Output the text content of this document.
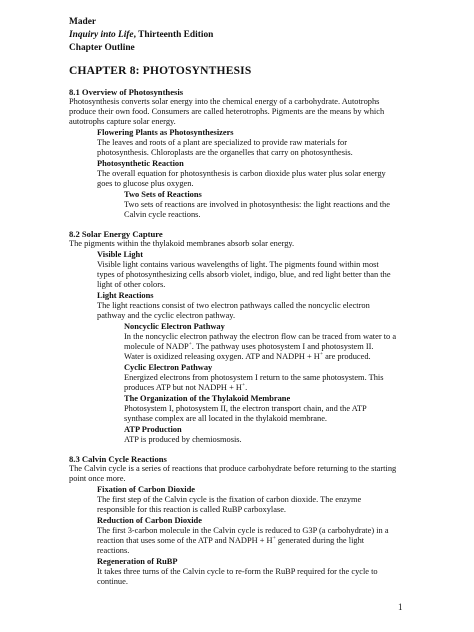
Mader
Inquiry into Life, Thirteenth Edition
Chapter Outline
CHAPTER 8: PHOTOSYNTHESIS
8.1 Overview of Photosynthesis
Photosynthesis converts solar energy into the chemical energy of a carbohydrate. Autotrophs
produce their own food. Consumers are called heterotrophs. Pigments are the means by which
autotrophs capture solar energy.
Flowering Plants as Photosynthesizers
The leaves and roots of a plant are specialized to provide raw materials for
photosynthesis. Chloroplasts are the organelles that carry on photosynthesis.
Photosynthetic Reaction
The overall equation for photosynthesis is carbon dioxide plus water plus solar energy
goes to glucose plus oxygen.
Two Sets of Reactions
Two sets of reactions are involved in photosynthesis: the light reactions and the
Calvin cycle reactions.
8.2 Solar Energy Capture
The pigments within the thylakoid membranes absorb solar energy.
Visible Light
Visible light contains various wavelengths of light. The pigments found within most
types of photosynthesizing cells absorb violet, indigo, blue, and red light better than the
light of other colors.
Light Reactions
The light reactions consist of two electron pathways called the noncyclic electron
pathway and the cyclic electron pathway.
Noncyclic Electron Pathway
In the noncyclic electron pathway the electron flow can be traced from water to a
molecule of NADP+. The pathway uses photosystem I and photosystem II.
Water is oxidized releasing oxygen. ATP and NADPH + H+ are produced.
Cyclic Electron Pathway
Energized electrons from photosystem I return to the same photosystem. This
produces ATP but not NADPH + H+.
The Organization of the Thylakoid Membrane
Photosystem I, photosystem II, the electron transport chain, and the ATP
synthase complex are all located in the thylakoid membrane.
ATP Production
ATP is produced by chemiosmosis.
8.3 Calvin Cycle Reactions
The Calvin cycle is a series of reactions that produce carbohydrate before returning to the starting
point once more.
Fixation of Carbon Dioxide
The first step of the Calvin cycle is the fixation of carbon dioxide. The enzyme
responsible for this reaction is called RuBP carboxylase.
Reduction of Carbon Dioxide
The first 3-carbon molecule in the Calvin cycle is reduced to G3P (a carbohydrate) in a
reaction that uses some of the ATP and NADPH + H+ generated during the light
reactions.
Regeneration of RuBP
It takes three turns of the Calvin cycle to re-form the RuBP required for the cycle to
continue.
1
